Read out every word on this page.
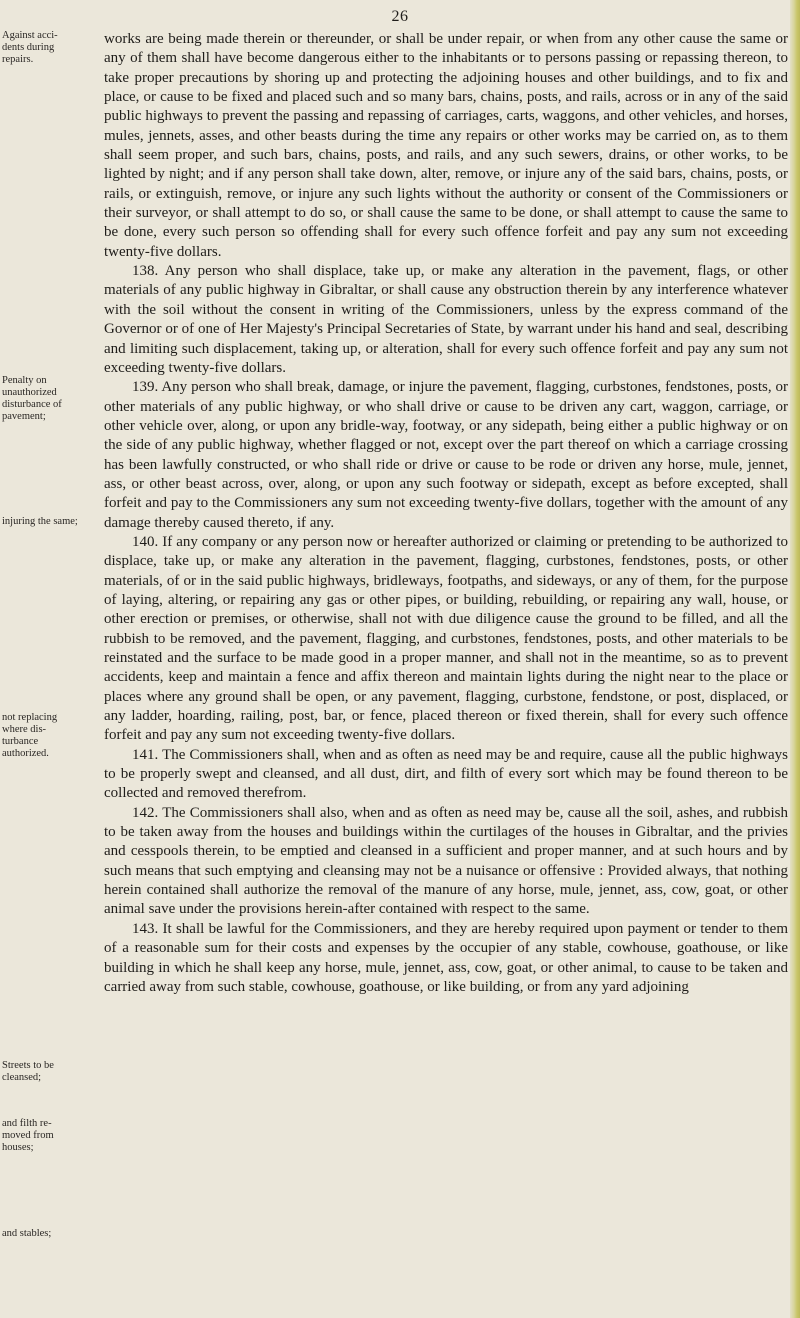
26
Against acci- dents during repairs.
Penalty on unauthorized disturbance of pavement;
injuring the same;
not replacing where dis- turbance authorized.
Streets to be cleansed;
and filth re- moved from houses;
and stables;

works are being made therein or thereunder, or shall be under repair, or when from any other cause the same or any of them shall have become dangerous either to the inhabitants or to persons passing or repassing thereon, to take proper precautions by shoring up and protecting the adjoining houses and other buildings, and to fix and place, or cause to be fixed and placed such and so many bars, chains, posts, and rails, across or in any of the said public highways to prevent the passing and repassing of carriages, carts, waggons, and other vehicles, and horses, mules, jennets, asses, and other beasts during the time any repairs or other works may be carried on, as to them shall seem proper, and such bars, chains, posts, and rails, and any such sewers, drains, or other works, to be lighted by night; and if any person shall take down, alter, remove, or injure any of the said bars, chains, posts, or rails, or extinguish, remove, or injure any such lights without the authority or consent of the Commissioners or their surveyor, or shall attempt to do so, or shall cause the same to be done, or shall attempt to cause the same to be done, every such person so offending shall for every such offence forfeit and pay any sum not exceeding twenty-five dollars.

138. Any person who shall displace, take up, or make any alteration in the pavement, flags, or other materials of any public highway in Gibraltar, or shall cause any obstruction therein by any interference whatever with the soil without the consent in writing of the Commissioners, unless by the express command of the Governor or of one of Her Majesty's Principal Secretaries of State, by warrant under his hand and seal, describing and limiting such displacement, taking up, or alteration, shall for every such offence forfeit and pay any sum not exceeding twenty-five dollars.

139. Any person who shall break, damage, or injure the pavement, flagging, curbstones, fendstones, posts, or other materials of any public highway, or who shall drive or cause to be driven any cart, waggon, carriage, or other vehicle over, along, or upon any bridle-way, footway, or any sidepath, being either a public highway or on the side of any public highway, whether flagged or not, except over the part thereof on which a carriage crossing has been lawfully constructed, or who shall ride or drive or cause to be rode or driven any horse, mule, jennet, ass, or other beast across, over, along, or upon any such footway or sidepath, except as before excepted, shall forfeit and pay to the Commissioners any sum not exceeding twenty-five dollars, together with the amount of any damage thereby caused thereto, if any.

140. If any company or any person now or hereafter authorized or claiming or pretending to be authorized to displace, take up, or make any alteration in the pavement, flagging, curbstones, fendstones, posts, or other materials, of or in the said public highways, bridleways, footpaths, and sideways, or any of them, for the purpose of laying, altering, or repairing any gas or other pipes, or building, rebuilding, or repairing any wall, house, or other erection or premises, or otherwise, shall not with due diligence cause the ground to be filled, and all the rubbish to be removed, and the pavement, flagging, and curbstones, fendstones, posts, and other materials to be reinstated and the surface to be made good in a proper manner, and shall not in the meantime, so as to prevent accidents, keep and maintain a fence and affix thereon and maintain lights during the night near to the place or places where any ground shall be open, or any pavement, flagging, curbstone, fendstone, or post, displaced, or any ladder, hoarding, railing, post, bar, or fence, placed thereon or fixed therein, shall for every such offence forfeit and pay any sum not exceeding twenty-five dollars.

141. The Commissioners shall, when and as often as need may be and require, cause all the public highways to be properly swept and cleansed, and all dust, dirt, and filth of every sort which may be found thereon to be collected and removed therefrom.

142. The Commissioners shall also, when and as often as need may be, cause all the soil, ashes, and rubbish to be taken away from the houses and buildings within the curtilages of the houses in Gibraltar, and the privies and cesspools therein, to be emptied and cleansed in a sufficient and proper manner, and at such hours and by such means that such emptying and cleansing may not be a nuisance or offensive : Provided always, that nothing herein contained shall authorize the removal of the manure of any horse, mule, jennet, ass, cow, goat, or other animal save under the provisions herein-after contained with respect to the same.

143. It shall be lawful for the Commissioners, and they are hereby required upon payment or tender to them of a reasonable sum for their costs and expenses by the occupier of any stable, cowhouse, goathouse, or like building in which he shall keep any horse, mule, jennet, ass, cow, goat, or other animal, to cause to be taken and carried away from such stable, cowhouse, goathouse, or like building, or from any yard adjoining
